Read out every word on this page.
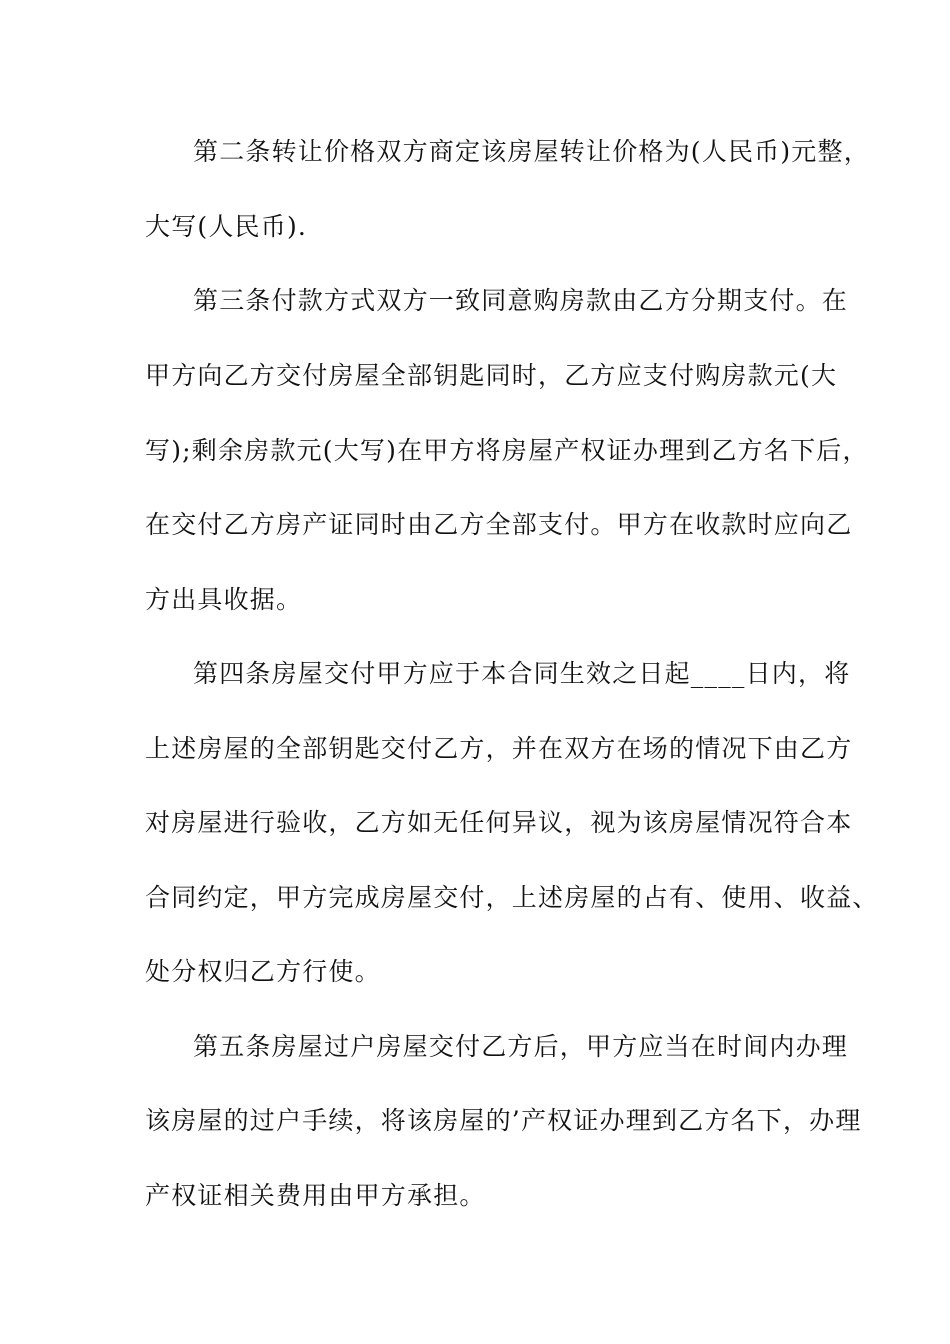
第二条转让价格双方商定该房屋转让价格为(人民币)元整，
大写(人民币).
第三条付款方式双方一致同意购房款由乙方分期支付。在
甲方向乙方交付房屋全部钥匙同时，乙方应支付购房款元(大
写);剩余房款元(大写)在甲方将房屋产权证办理到乙方名下后，
在交付乙方房产证同时由乙方全部支付。甲方在收款时应向乙
方出具收据。
第四条房屋交付甲方应于本合同生效之日起____日内，将
上述房屋的全部钥匙交付乙方，并在双方在场的情况下由乙方
对房屋进行验收，乙方如无任何异议，视为该房屋情况符合本
合同约定，甲方完成房屋交付，上述房屋的占有、使用、收益、
处分权归乙方行使。
第五条房屋过户房屋交付乙方后，甲方应当在时间内办理
该房屋的过户手续，将该房屋的’产权证办理到乙方名下，办理
产权证相关费用由甲方承担。
